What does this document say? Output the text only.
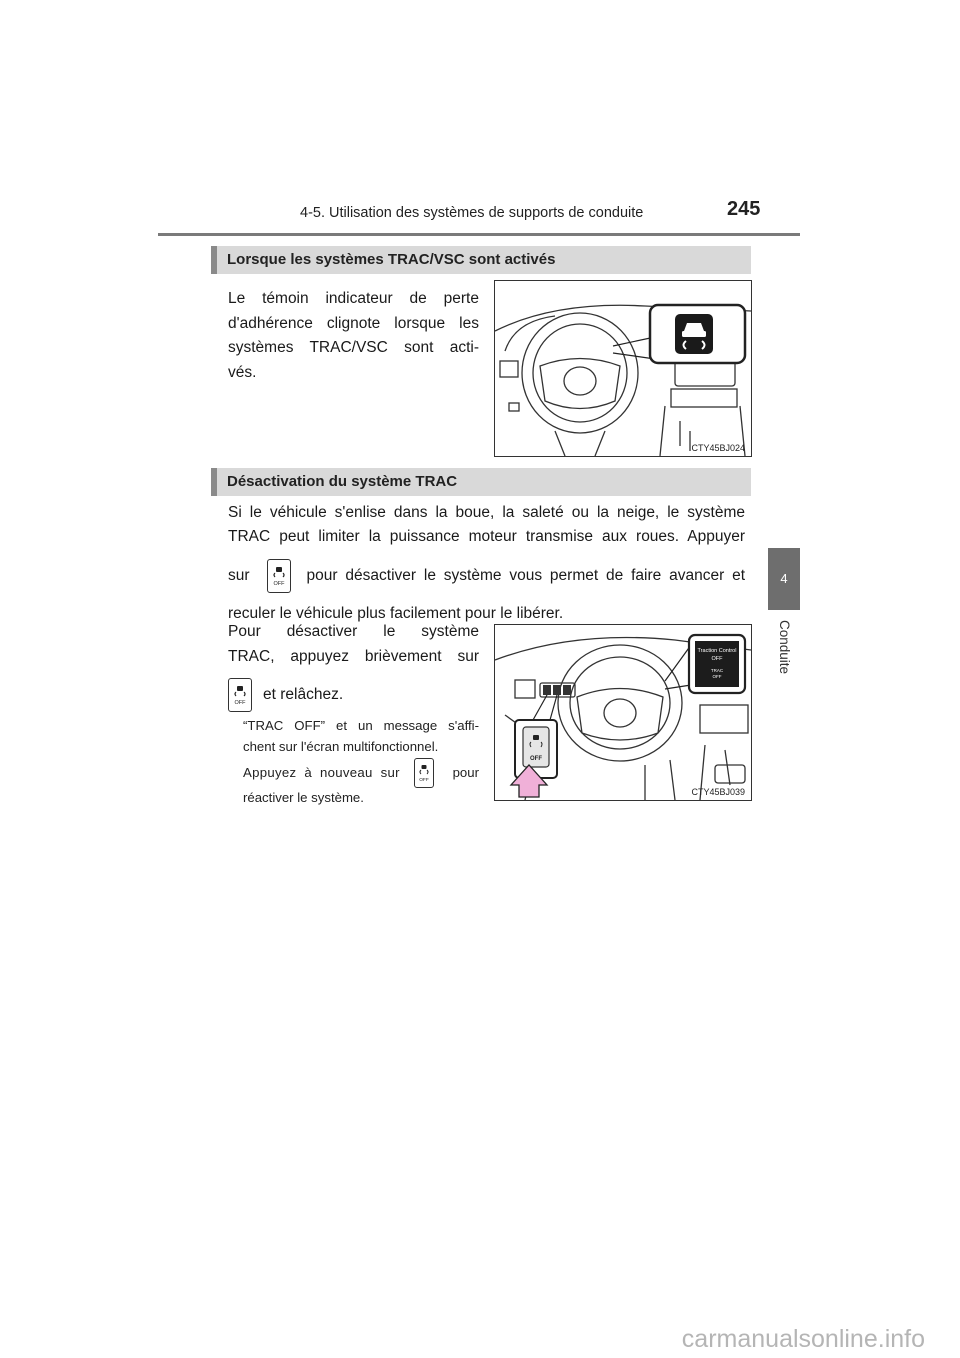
4-5. Utilisation des systèmes de supports de conduite	245
4
Conduite
Lorsque les systèmes TRAC/VSC sont activés
Le témoin indicateur de perte
d'adhérence clignote lorsque les
systèmes TRAC/VSC sont acti-
vés.
CTY45BJ024
Désactivation du système TRAC
Si le véhicule s'enlise dans la boue, la saleté ou la neige, le système
TRAC peut limiter la puissance moteur transmise aux roues. Appuyer
sur
OFF
pour désactiver le système vous permet de faire avancer et
reculer le véhicule plus facilement pour le libérer.
Pour désactiver le système
TRAC, appuyez brièvement sur
OFF
et relâchez.
“TRAC OFF” et un message s'affi-
chent sur l'écran multifonctionnel.
Appuyez à nouveau sur
OFF
pour
réactiver le système.
OFF
Traction Control
OFF
TRAC
OFF
CTY45BJ039
carmanualsonline.info
